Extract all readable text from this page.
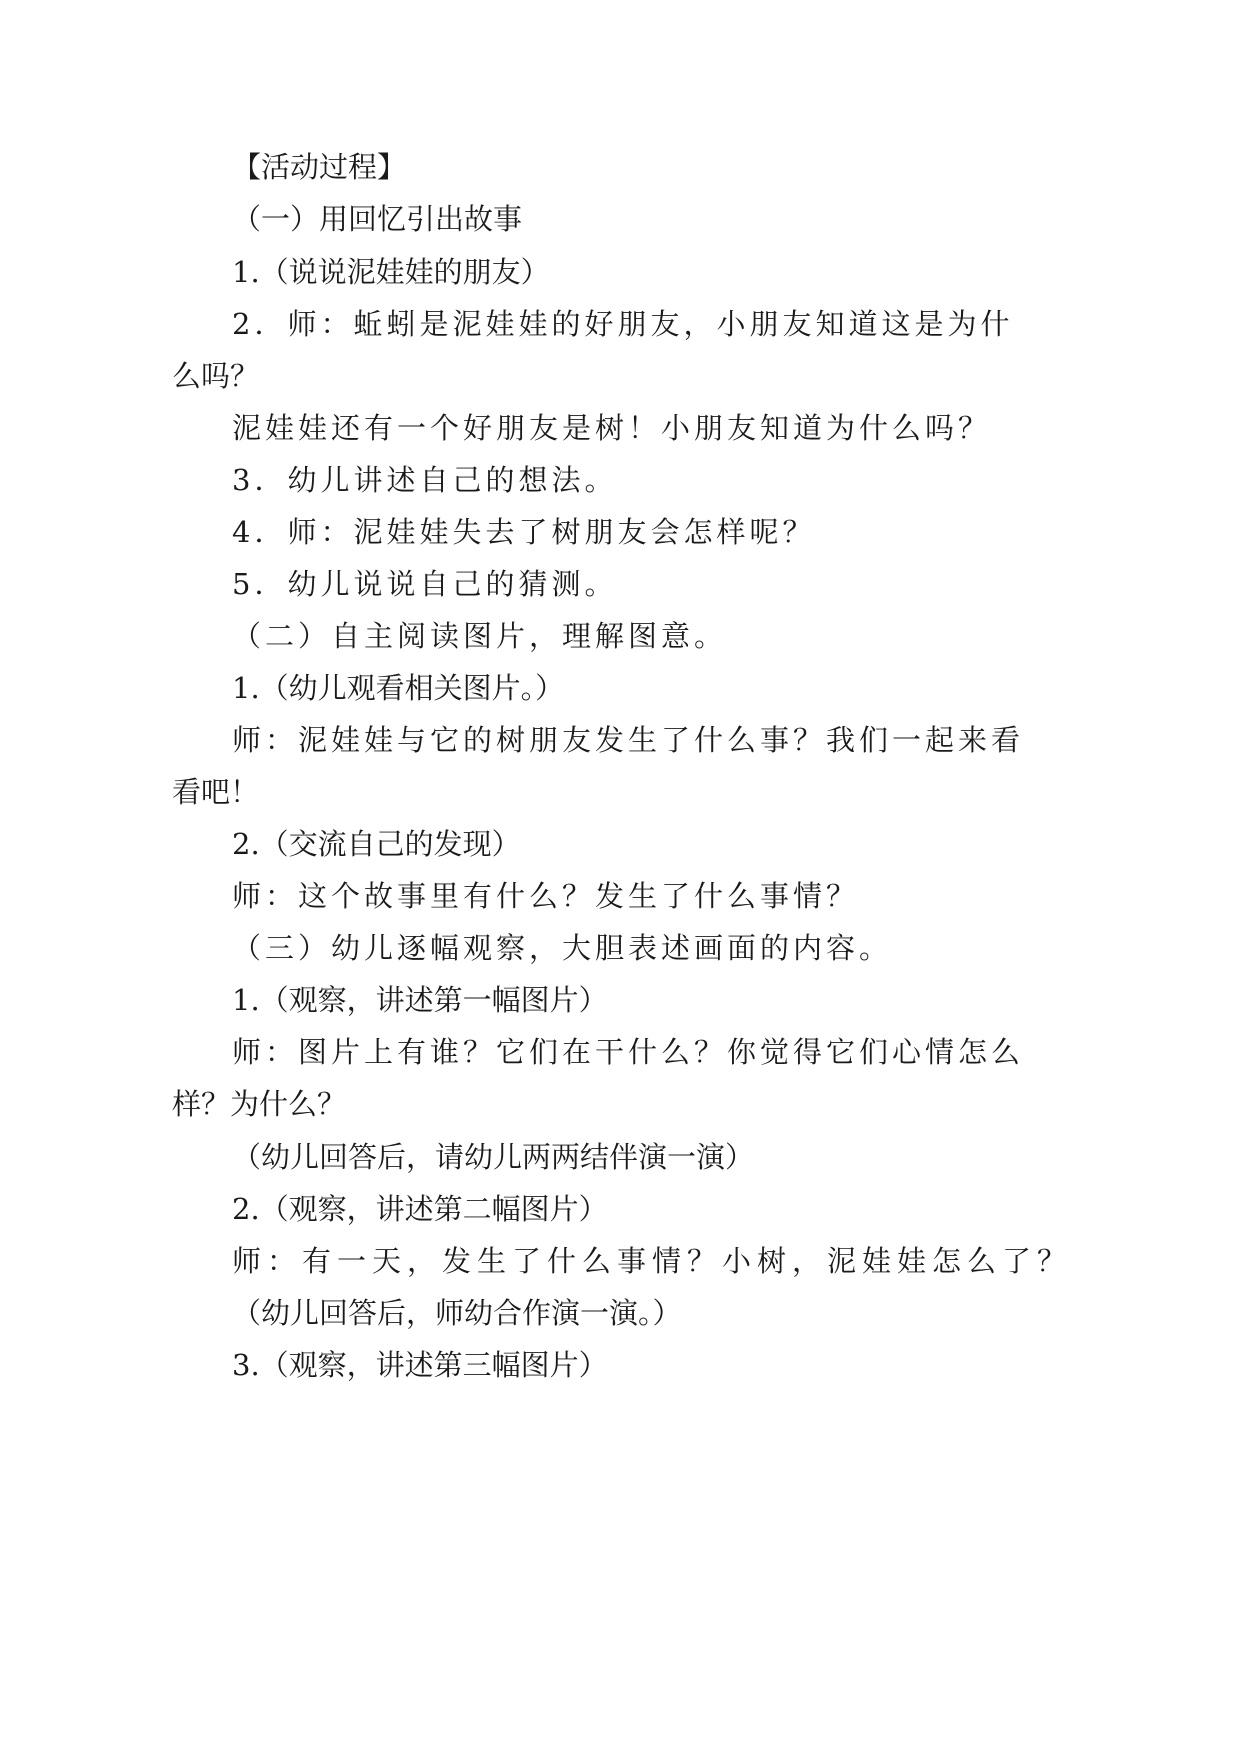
【活动过程】
（一）用回忆引出故事
1.（说说泥娃娃的朋友）
2．师：蚯蚓是泥娃娃的好朋友，小朋友知道这是为什
么吗？
泥娃娃还有一个好朋友是树！小朋友知道为什么吗？
3．幼儿讲述自己的想法。
4．师：泥娃娃失去了树朋友会怎样呢？
5．幼儿说说自己的猜测。
（二）自主阅读图片，理解图意。
1.（幼儿观看相关图片。）
师：泥娃娃与它的树朋友发生了什么事？我们一起来看
看吧！
2.（交流自己的发现）
师：这个故事里有什么？发生了什么事情？
（三）幼儿逐幅观察，大胆表述画面的内容。
1.（观察，讲述第一幅图片）
师：图片上有谁？它们在干什么？你觉得它们心情怎么
样？为什么？
（幼儿回答后，请幼儿两两结伴演一演）
2.（观察，讲述第二幅图片）
师：有一天，发生了什么事情？小树，泥娃娃怎么了？
（幼儿回答后，师幼合作演一演。）
3.（观察，讲述第三幅图片）
